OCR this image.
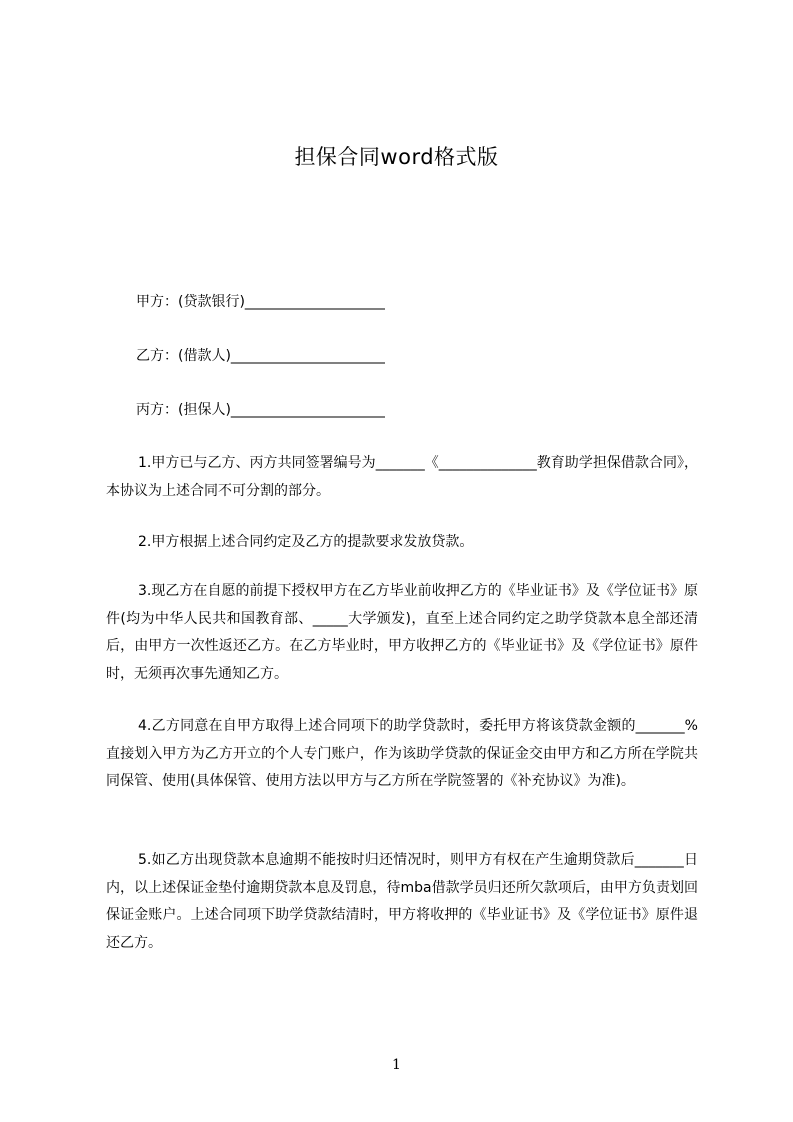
担保合同word格式版
甲方：(贷款银行)____________________
乙方：(借款人)______________________
丙方：(担保人)______________________

1.甲方已与乙方、丙方共同签署编号为_______《______________教育助学担保借款合同》，本协议为上述合同不可分割的部分。

2.甲方根据上述合同约定及乙方的提款要求发放贷款。

3.现乙方在自愿的前提下授权甲方在乙方毕业前收押乙方的《毕业证书》及《学位证书》原件(均为中华人民共和国教育部、_____大学颁发)，直至上述合同约定之助学贷款本息全部还清后，由甲方一次性返还乙方。在乙方毕业时，甲方收押乙方的《毕业证书》及《学位证书》原件时，无须再次事先通知乙方。

4.乙方同意在自甲方取得上述合同项下的助学贷款时，委托甲方将该贷款金额的_______%直接划入甲方为乙方开立的个人专门账户，作为该助学贷款的保证金交由甲方和乙方所在学院共同保管、使用(具体保管、使用方法以甲方与乙方所在学院签署的《补充协议》为准)。

5.如乙方出现贷款本息逾期不能按时归还情况时，则甲方有权在产生逾期贷款后_______日内，以上述保证金垫付逾期贷款本息及罚息，待mba借款学员归还所欠款项后，由甲方负责划回保证金账户。上述合同项下助学贷款结清时，甲方将收押的《毕业证书》及《学位证书》原件退还乙方。

1
